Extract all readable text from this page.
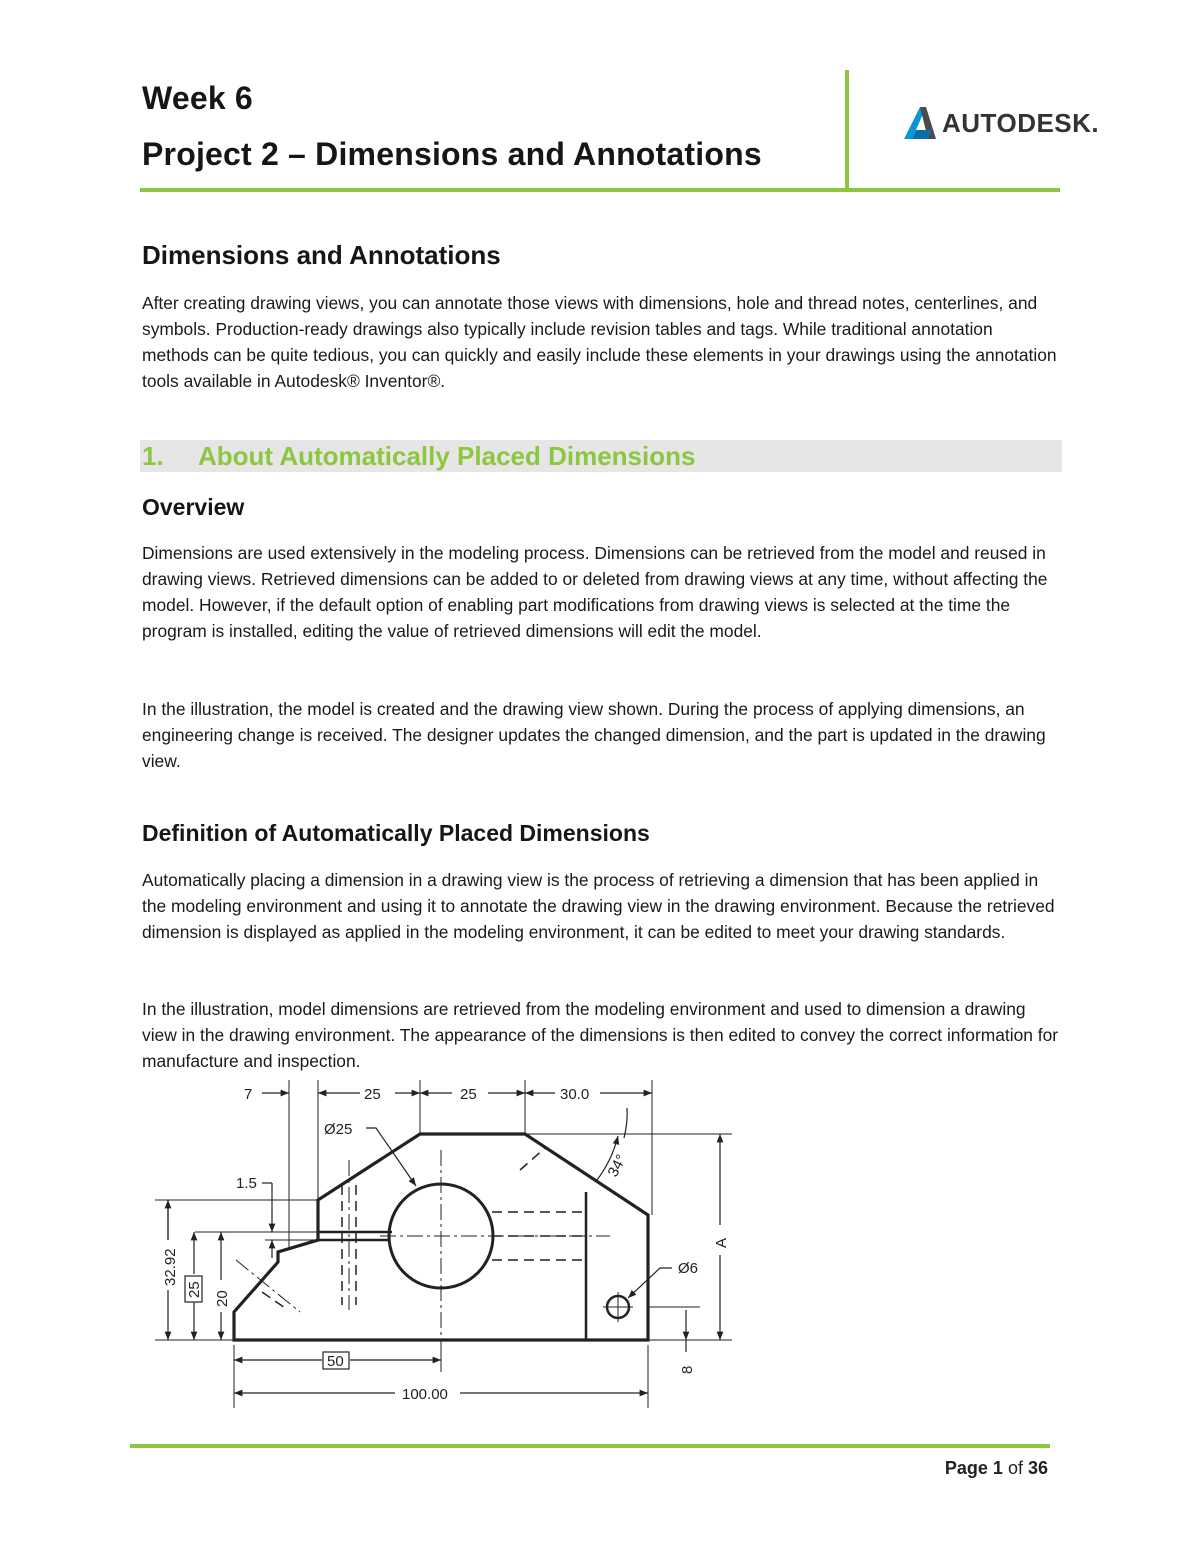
Week 6
Project 2 – Dimensions and Annotations
AUTODESK.
Dimensions and Annotations

After creating drawing views, you can annotate those views with dimensions, hole and thread notes, centerlines, and symbols. Production-ready drawings also typically include revision tables and tags. While traditional annotation methods can be quite tedious, you can quickly and easily include these elements in your drawings using the annotation tools available in Autodesk® Inventor®.

1. About Automatically Placed Dimensions
Overview

Dimensions are used extensively in the modeling process. Dimensions can be retrieved from the model and reused in drawing views. Retrieved dimensions can be added to or deleted from drawing views at any time, without affecting the model. However, if the default option of enabling part modifications from drawing views is selected at the time the program is installed, editing the value of retrieved dimensions will edit the model.

In the illustration, the model is created and the drawing view shown. During the process of applying dimensions, an engineering change is received. The designer updates the changed dimension, and the part is updated in the drawing view.

Definition of Automatically Placed Dimensions

Automatically placing a dimension in a drawing view is the process of retrieving a dimension that has been applied in the modeling environment and using it to annotate the drawing view in the drawing environment. Because the retrieved dimension is displayed as applied in the modeling environment, it can be edited to meet your drawing standards.

In the illustration, model dimensions are retrieved from the modeling environment and used to dimension a drawing view in the drawing environment. The appearance of the dimensions is then edited to convey the correct information for manufacture and inspection.

7	25	25	30.0
Ø25
34°
1.5
32.92
25
20
Ø6
A
50	8
100.00
Page 1 of 36
